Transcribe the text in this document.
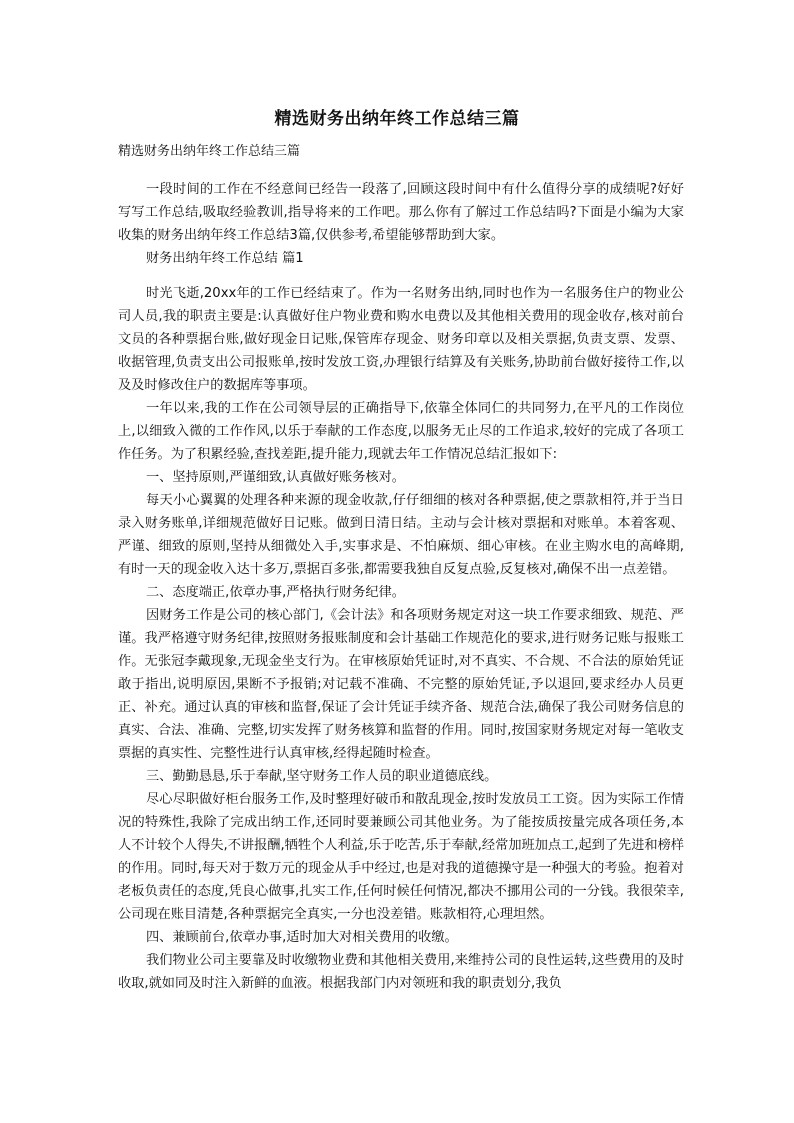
精选财务出纳年终工作总结三篇
精选财务出纳年终工作总结三篇

一段时间的工作在不经意间已经告一段落了,回顾这段时间中有什么值得分享的成绩呢?好好写写工作总结,吸取经验教训,指导将来的工作吧。那么你有了解过工作总结吗?下面是小编为大家收集的财务出纳年终工作总结3篇,仅供参考,希望能够帮助到大家。

财务出纳年终工作总结 篇1

时光飞逝,20xx年的工作已经结束了。作为一名财务出纳,同时也作为一名服务住户的物业公司人员,我的职责主要是:认真做好住户物业费和购水电费以及其他相关费用的现金收存,核对前台文员的各种票据台账,做好现金日记账,保管库存现金、财务印章以及相关票据,负责支票、发票、收据管理,负责支出公司报账单,按时发放工资,办理银行结算及有关账务,协助前台做好接待工作,以及及时修改住户的数据库等事项。

一年以来,我的工作在公司领导层的正确指导下,依靠全体同仁的共同努力,在平凡的工作岗位上,以细致入微的工作作风,以乐于奉献的工作态度,以服务无止尽的工作追求,较好的完成了各项工作任务。为了积累经验,查找差距,提升能力,现就去年工作情况总结汇报如下:

一、坚持原则,严谨细致,认真做好账务核对。

每天小心翼翼的处理各种来源的现金收款,仔仔细细的核对各种票据,使之票款相符,并于当日录入财务账单,详细规范做好日记账。做到日清日结。主动与会计核对票据和对账单。本着客观、严谨、细致的原则,坚持从细微处入手,实事求是、不怕麻烦、细心审核。在业主购水电的高峰期,有时一天的现金收入达十多万,票据百多张,都需要我独自反复点验,反复核对,确保不出一点差错。

二、态度端正,依章办事,严格执行财务纪律。

因财务工作是公司的核心部门,《会计法》和各项财务规定对这一块工作要求细致、规范、严谨。我严格遵守财务纪律,按照财务报账制度和会计基础工作规范化的要求,进行财务记账与报账工作。无张冠李戴现象,无现金坐支行为。在审核原始凭证时,对不真实、不合规、不合法的原始凭证敢于指出,说明原因,果断不予报销;对记载不准确、不完整的原始凭证,予以退回,要求经办人员更正、补充。通过认真的审核和监督,保证了会计凭证手续齐备、规范合法,确保了我公司财务信息的真实、合法、准确、完整,切实发挥了财务核算和监督的作用。同时,按国家财务规定对每一笔收支票据的真实性、完整性进行认真审核,经得起随时检查。

三、勤勤恳恳,乐于奉献,坚守财务工作人员的职业道德底线。

尽心尽职做好柜台服务工作,及时整理好破币和散乱现金,按时发放员工工资。因为实际工作情况的特殊性,我除了完成出纳工作,还同时要兼顾公司其他业务。为了能按质按量完成各项任务,本人不计较个人得失,不讲报酬,牺牲个人利益,乐于吃苦,乐于奉献,经常加班加点工,起到了先进和榜样的作用。同时,每天对于数万元的现金从手中经过,也是对我的道德操守是一种强大的考验。抱着对老板负责任的态度,凭良心做事,扎实工作,任何时候任何情况,都决不挪用公司的一分钱。我很荣幸,公司现在账目清楚,各种票据完全真实,一分也没差错。账款相符,心理坦然。

四、兼顾前台,依章办事,适时加大对相关费用的收缴。

我们物业公司主要靠及时收缴物业费和其他相关费用,来维持公司的良性运转,这些费用的及时收取,就如同及时注入新鲜的血液。根据我部门内对领班和我的职责划分,我负
